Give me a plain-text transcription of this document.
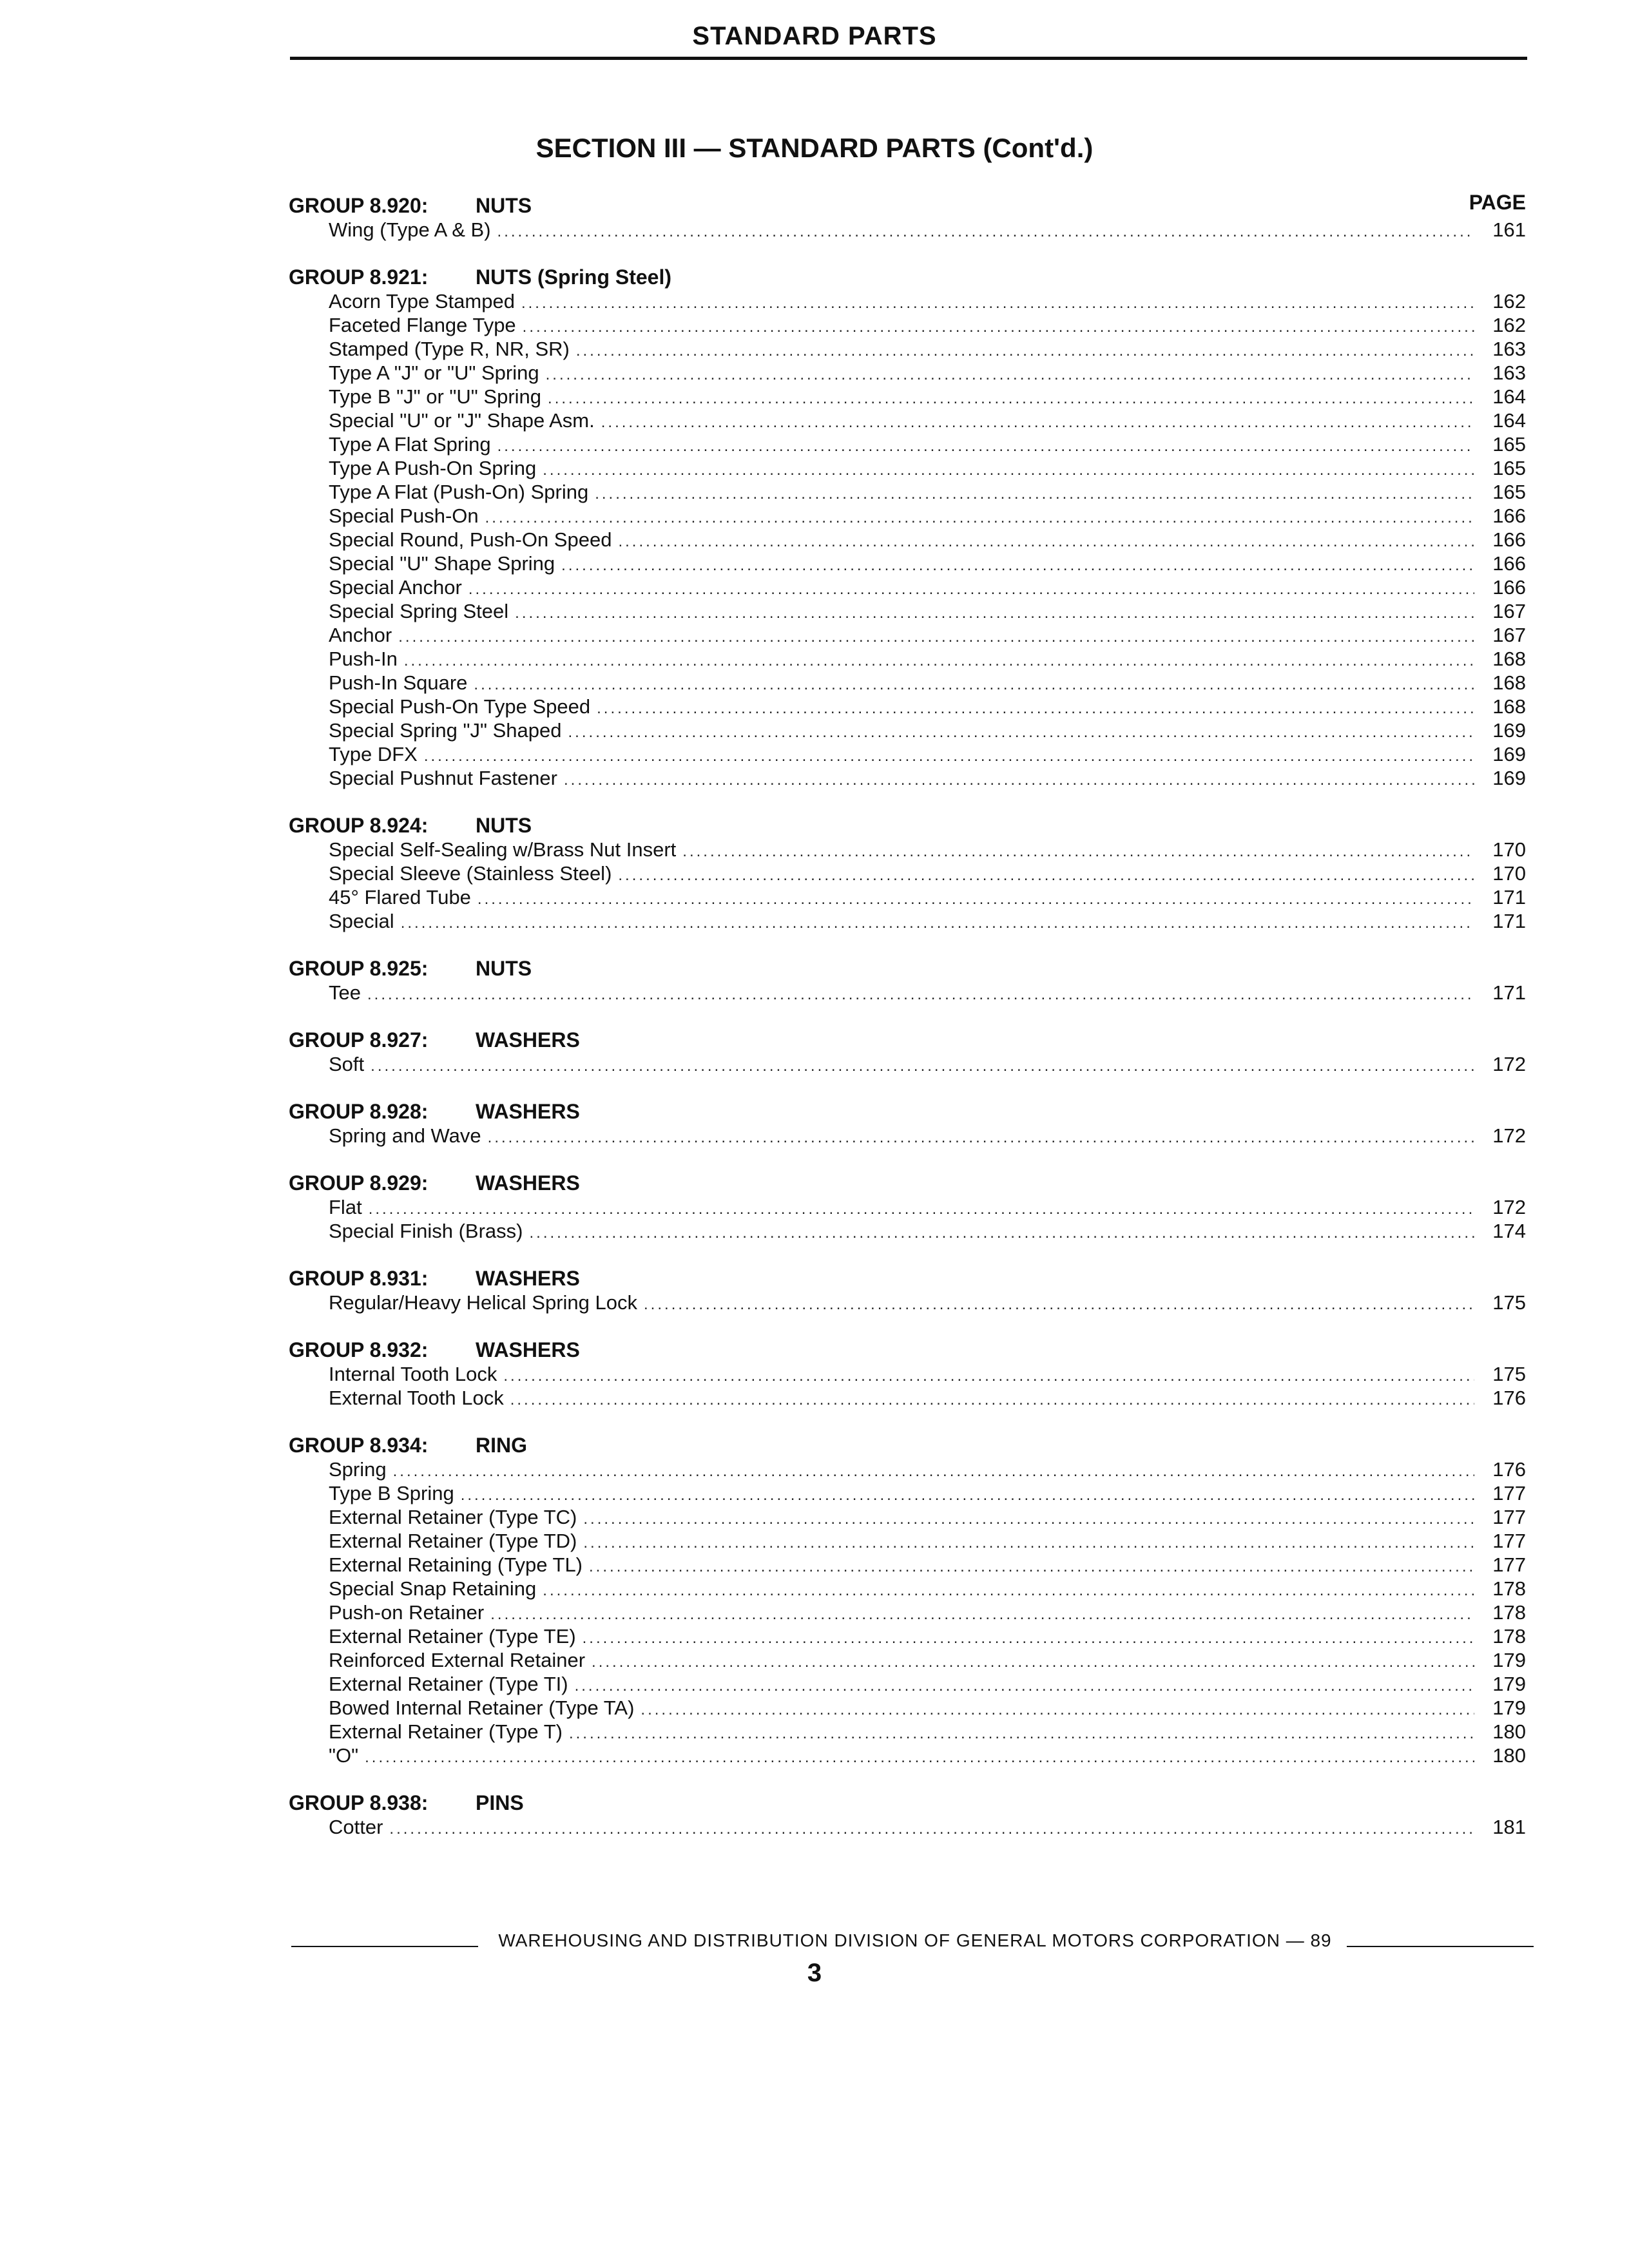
STANDARD PARTS
SECTION III — STANDARD PARTS (Cont'd.)
PAGE
GROUP 8.920: NUTS
Wing (Type A & B) .....	161
GROUP 8.921: NUTS (Spring Steel)
Acorn Type Stamped .....	162
Faceted Flange Type .....	162
Stamped (Type R, NR, SR) .....	163
Type A "J" or "U" Spring .....	163
Type B "J" or "U" Spring .....	164
Special "U" or "J" Shape Asm. .....	164
Type A Flat Spring .....	165
Type A Push-On Spring .....	165
Type A Flat (Push-On) Spring .....	165
Special Push-On .....	166
Special Round, Push-On Speed .....	166
Special "U" Shape Spring .....	166
Special Anchor .....	166
Special Spring Steel .....	167
Anchor .....	167
Push-In .....	168
Push-In Square .....	168
Special Push-On Type Speed .....	168
Special Spring "J" Shaped .....	169
Type DFX .....	169
Special Pushnut Fastener .....	169
GROUP 8.924: NUTS
Special Self-Sealing w/Brass Nut Insert .....	170
Special Sleeve (Stainless Steel) .....	170
45° Flared Tube .....	171
Special .....	171
GROUP 8.925: NUTS
Tee .....	171
GROUP 8.927: WASHERS
Soft .....	172
GROUP 8.928: WASHERS
Spring and Wave .....	172
GROUP 8.929: WASHERS
Flat .....	172
Special Finish (Brass) .....	174
GROUP 8.931: WASHERS
Regular/Heavy Helical Spring Lock .....	175
GROUP 8.932: WASHERS
Internal Tooth Lock .....	175
External Tooth Lock .....	176
GROUP 8.934: RING
Spring .....	176
Type B Spring .....	177
External Retainer (Type TC) .....	177
External Retainer (Type TD) .....	177
External Retaining (Type TL) .....	177
Special Snap Retaining .....	178
Push-on Retainer .....	178
External Retainer (Type TE) .....	178
Reinforced External Retainer .....	179
External Retainer (Type TI) .....	179
Bowed Internal Retainer (Type TA) .....	179
External Retainer (Type T) .....	180
"O" .....	180
GROUP 8.938: PINS
Cotter .....	181
WAREHOUSING AND DISTRIBUTION DIVISION OF GENERAL MOTORS CORPORATION — 89
3
